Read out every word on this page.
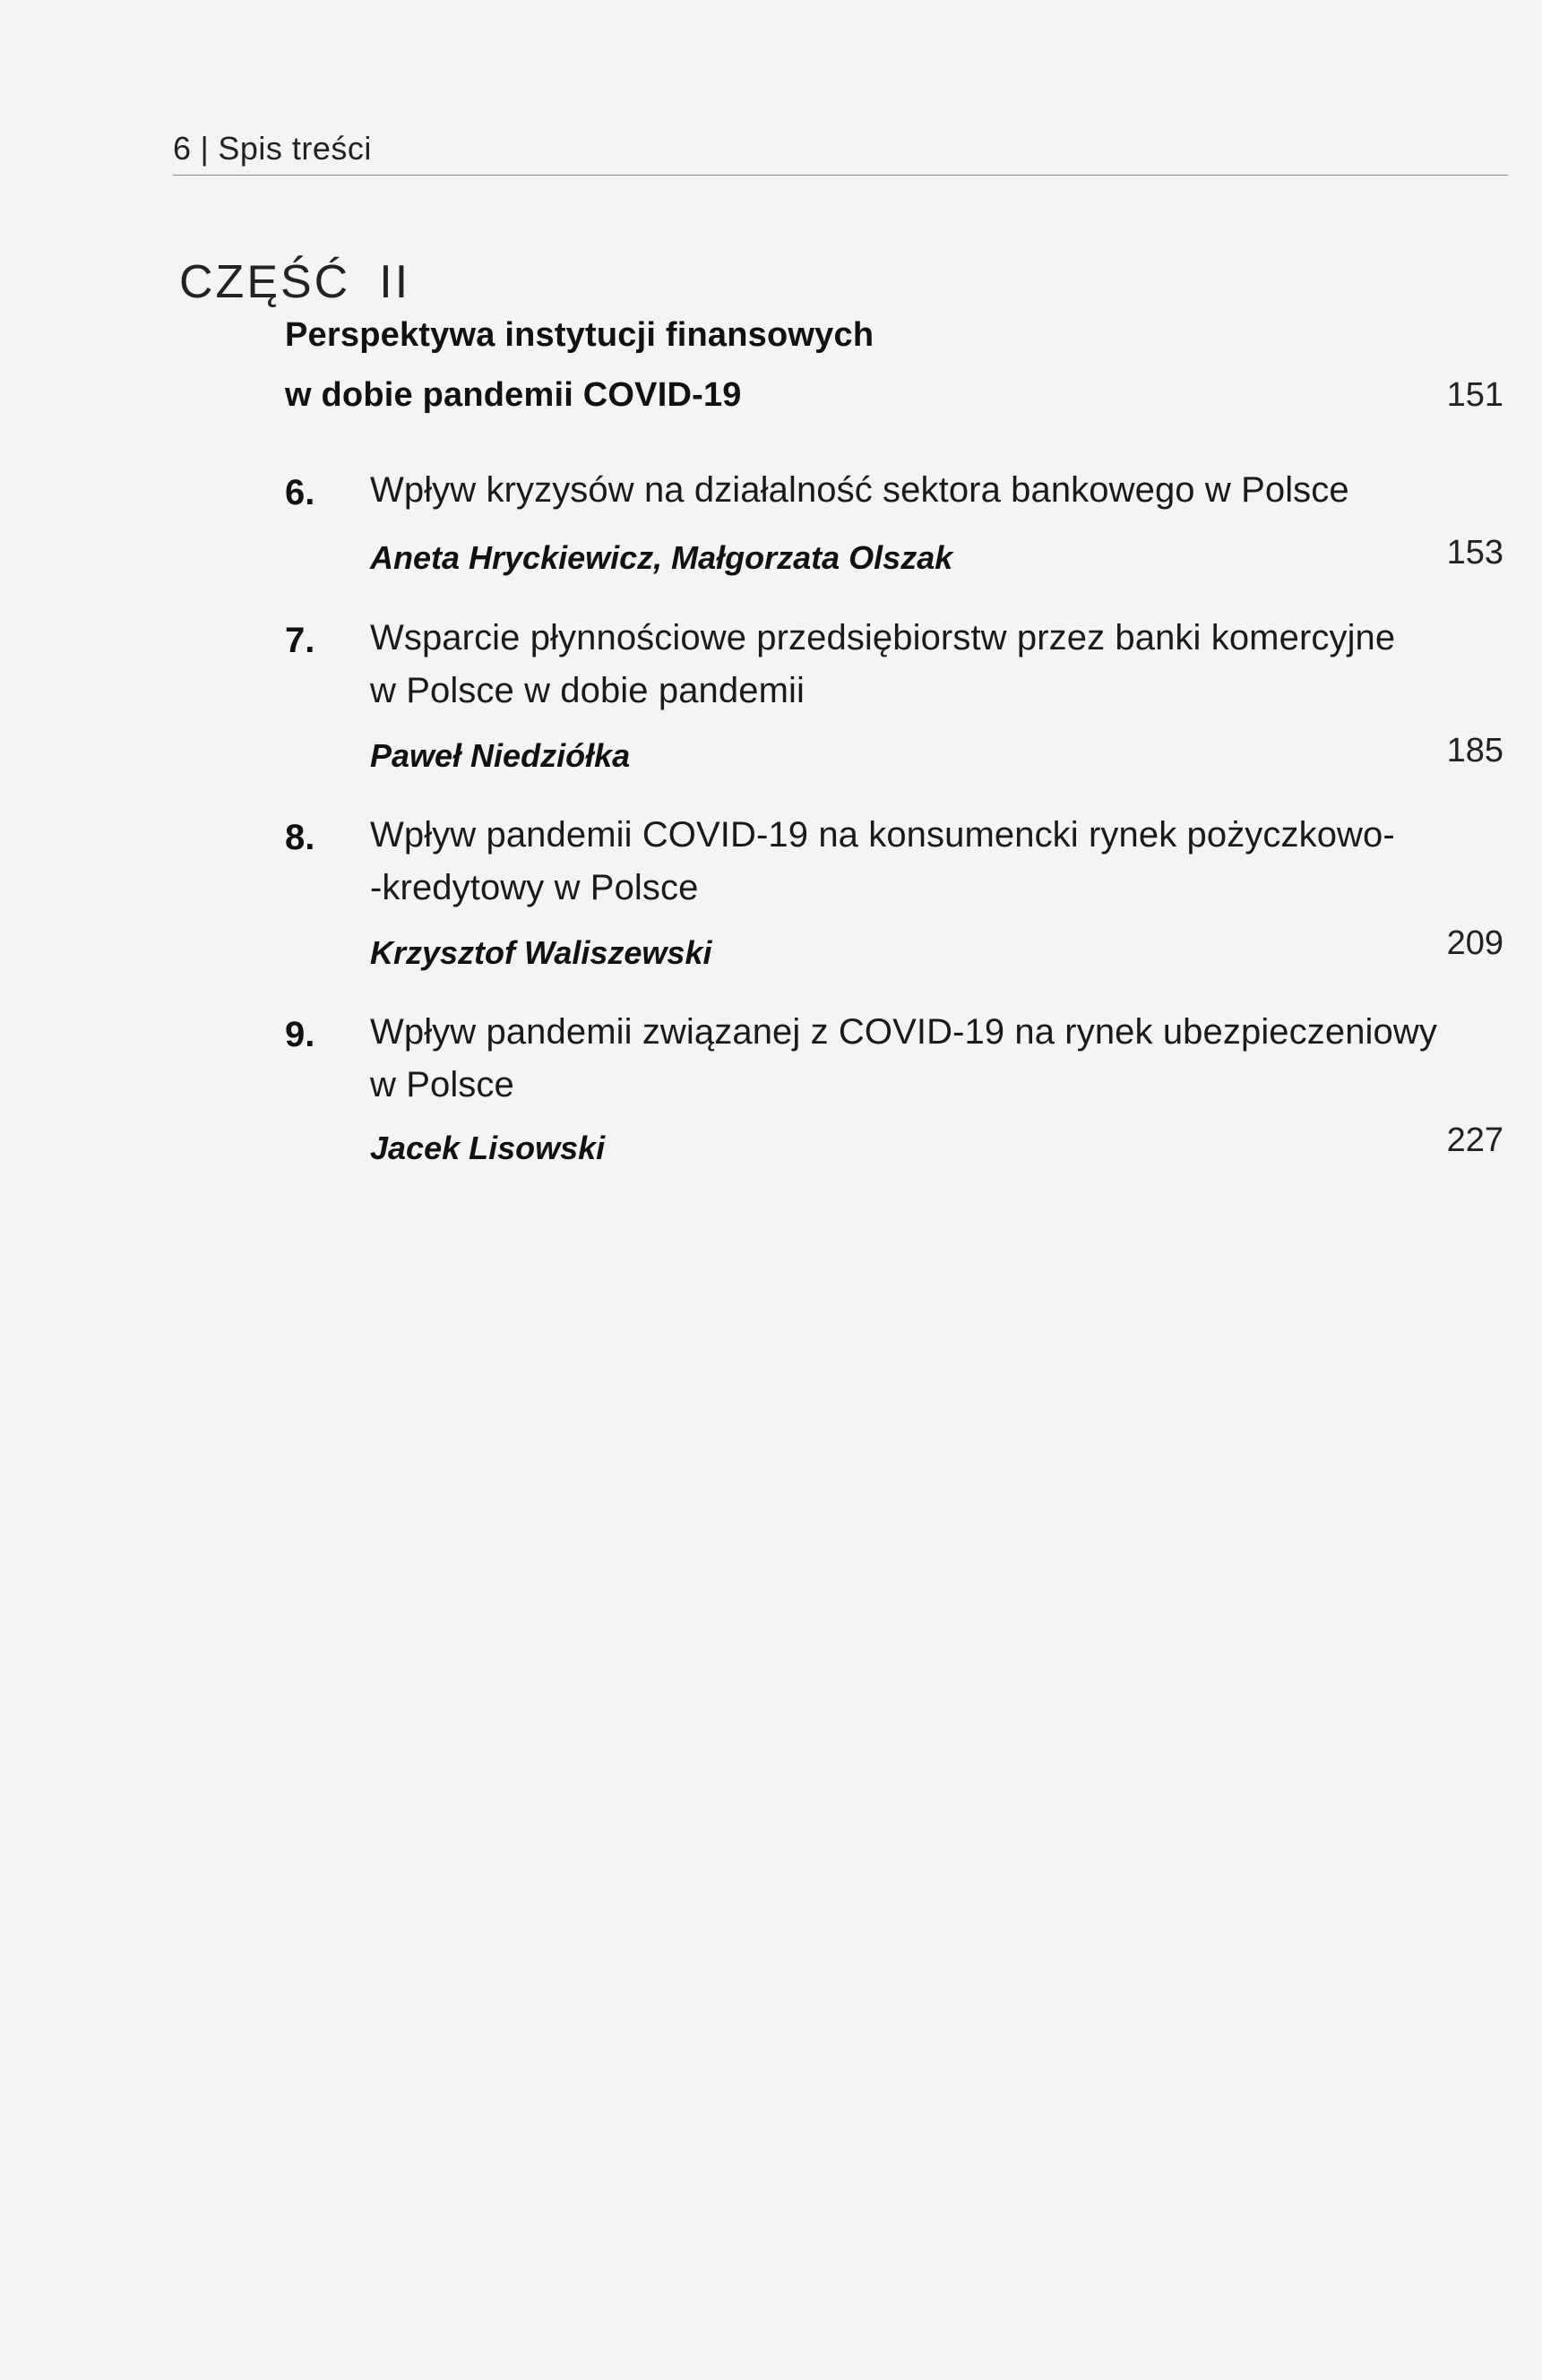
6 | Spis treści
CZĘŚĆ II
Perspektywa instytucji finansowych
w dobie pandemii COVID-19	151
6. Wpływ kryzysów na działalność sektora bankowego w Polsce
Aneta Hryckiewicz, Małgorzata Olszak	153
7. Wsparcie płynnościowe przedsiębiorstw przez banki komercyjne
w Polsce w dobie pandemii
Paweł Niedziółka	185
8. Wpływ pandemii COVID-19 na konsumencki rynek pożyczkowo-
-kredytowy w Polsce
Krzysztof Waliszewski	209
9. Wpływ pandemii związanej z COVID-19 na rynek ubezpieczeniowy
w Polsce
Jacek Lisowski	227
